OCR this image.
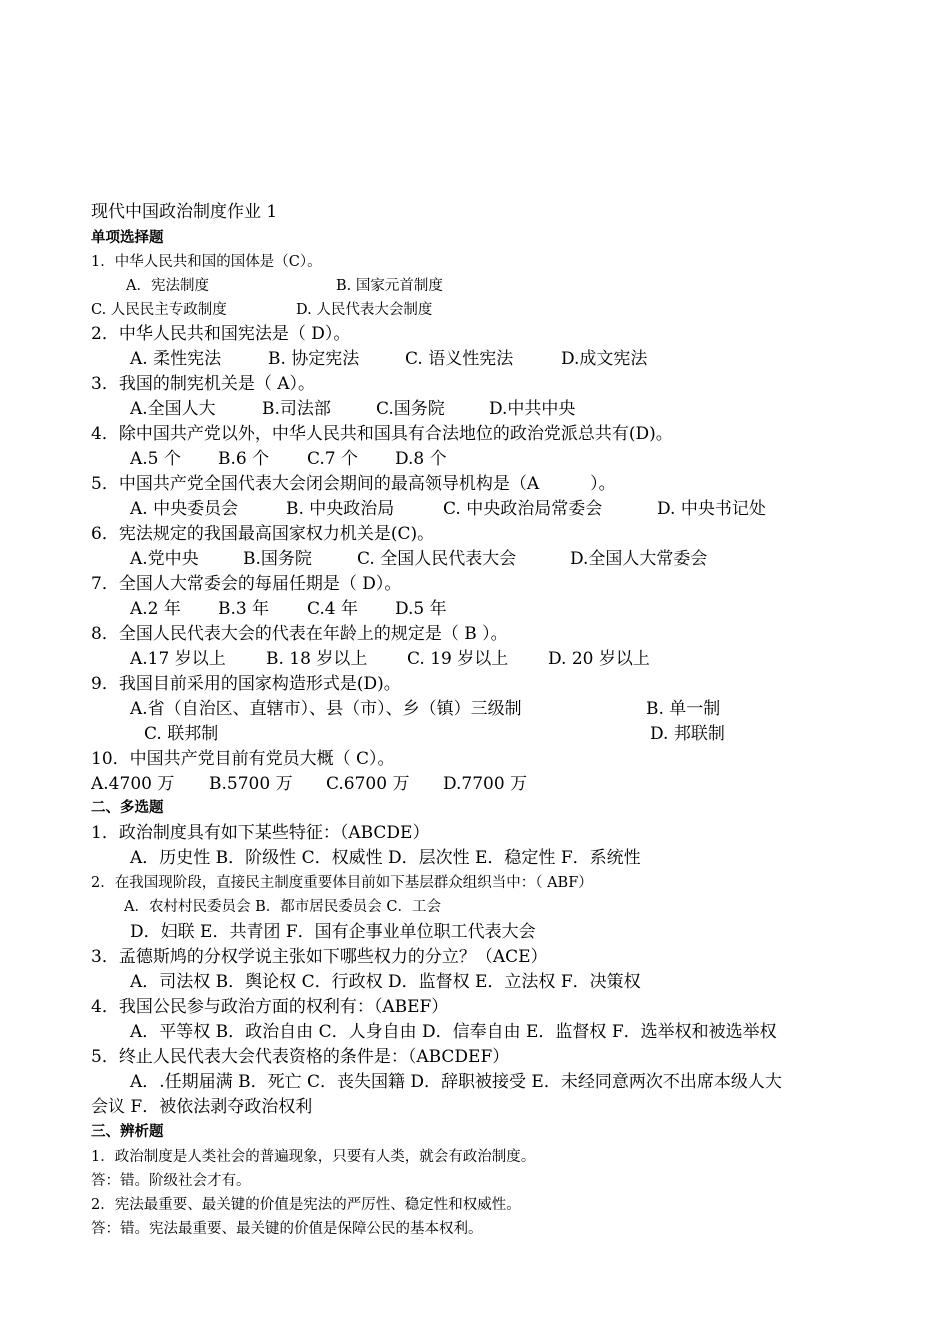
现代中国政治制度作业 1
单项选择题
1．中华人民共和国的国体是（C）。
A．宪法制度	B. 国家元首制度
C. 人民民主专政制度	D. 人民代表大会制度
2．中华人民共和国宪法是（ D）。
A. 柔性宪法	B. 协定宪法	C. 语义性宪法	D.成文宪法
3．我国的制宪机关是（ A）。
A.全国人大	B.司法部	C.国务院	D.中共中央
4．除中国共产党以外，中华人民共和国具有合法地位的政治党派总共有(D)。
A.5 个 B.6 个 C.7 个 D.8 个
5．中国共产党全国代表大会闭会期间的最高领导机构是（A　　　）。
A. 中央委员会	B. 中央政治局	C. 中央政治局常委会	D. 中央书记处
6．宪法规定的我国最高国家权力机关是(C)。
A.党中央	B.国务院	C. 全国人民代表大会	D.全国人大常委会
7．全国人大常委会的每届任期是（ D）。
A.2 年 B.3 年 C.4 年 D.5 年
8．全国人民代表大会的代表在年龄上的规定是（ B ）。
A.17 岁以上 B. 18 岁以上 C. 19 岁以上 D. 20 岁以上
9．我国目前采用的国家构造形式是(D)。
A.省（自治区、直辖市）、县（市）、乡（镇）三级制	B. 单一制
C. 联邦制	D. 邦联制
10．中国共产党目前有党员大概（ C）。
A.4700 万 B.5700 万 C.6700 万 D.7700 万
二、多选题
1．政治制度具有如下某些特征：（ABCDE）
A．历史性 B．阶级性 C．权威性 D．层次性 E．稳定性 F．系统性
2．在我国现阶段，直接民主制度重要体目前如下基层群众组织当中：（ ABF）
A．农村村民委员会 B．都市居民委员会 C．工会
D．妇联 E．共青团 F．国有企事业单位职工代表大会
3．孟德斯鸠的分权学说主张如下哪些权力的分立？（ACE）
A．司法权 B．舆论权 C．行政权 D．监督权 E．立法权 F．决策权
4．我国公民参与政治方面的权利有：（ABEF）
A．平等权 B．政治自由 C．人身自由 D．信奉自由 E．监督权 F．选举权和被选举权
5．终止人民代表大会代表资格的条件是：（ABCDEF）
A．.任期届满 B．死亡 C．丧失国籍 D．辞职被接受 E．未经同意两次不出席本级人大
会议 F．被依法剥夺政治权利
三、辨析题
1．政治制度是人类社会的普遍现象，只要有人类，就会有政治制度。
答：错。阶级社会才有。
2．宪法最重要、最关键的价值是宪法的严厉性、稳定性和权威性。
答：错。宪法最重要、最关键的价值是保障公民的基本权利。
